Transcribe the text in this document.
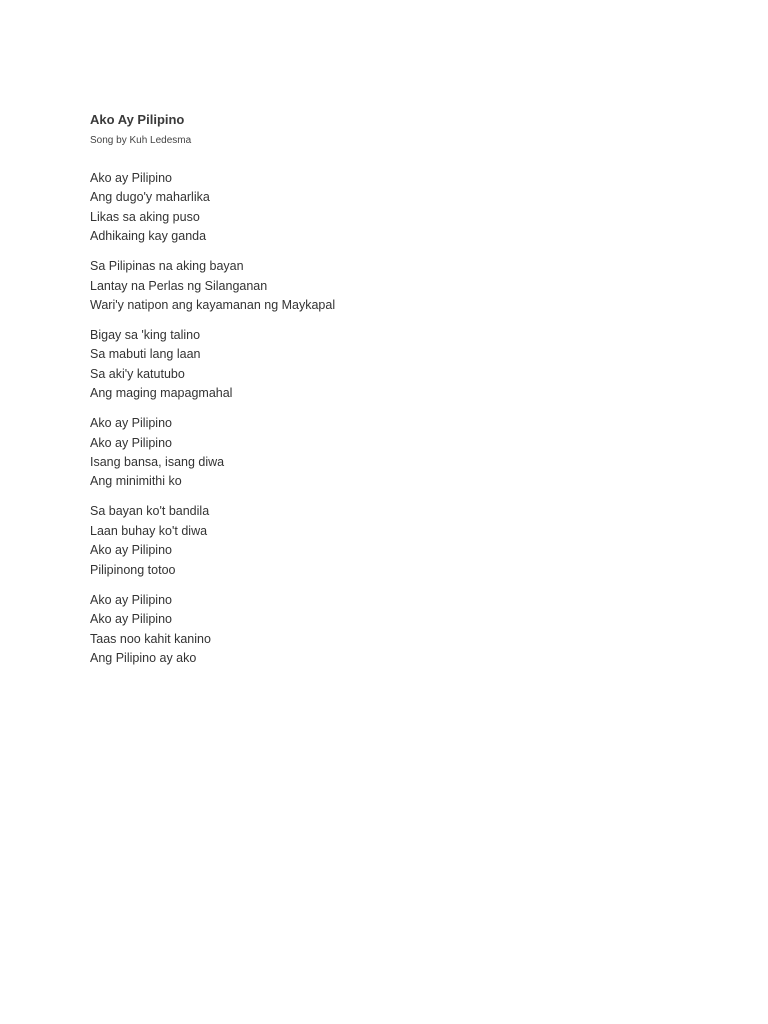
Ako Ay Pilipino

Song by Kuh Ledesma

Ako ay Pilipino
Ang dugo'y maharlika
Likas sa aking puso
Adhikaing kay ganda
Sa Pilipinas na aking bayan
Lantay na Perlas ng Silanganan
Wari'y natipon ang kayamanan ng Maykapal
Bigay sa 'king talino
Sa mabuti lang laan
Sa aki'y katutubo
Ang maging mapagmahal
Ako ay Pilipino
Ako ay Pilipino
Isang bansa, isang diwa
Ang minimithi ko
Sa bayan ko't bandila
Laan buhay ko't diwa
Ako ay Pilipino
Pilipinong totoo
Ako ay Pilipino
Ako ay Pilipino
Taas noo kahit kanino
Ang Pilipino ay ako
